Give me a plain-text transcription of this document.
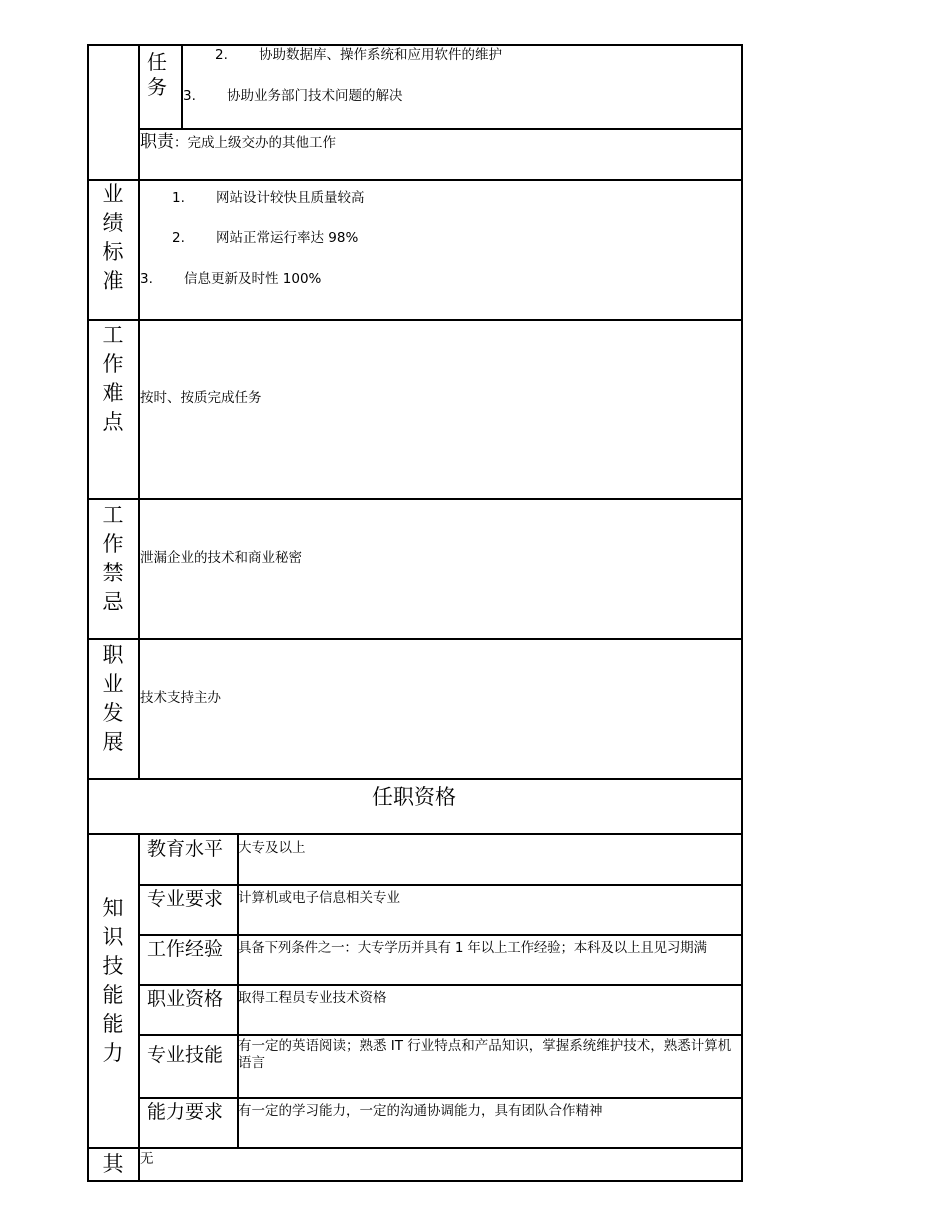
任务
2. 协助数据库、操作系统和应用软件的维护
3. 协助业务部门技术问题的解决
职责：完成上级交办的其他工作
业绩标准
1. 网站设计较快且质量较高
2. 网站正常运行率达 98%
3. 信息更新及时性 100%
工作难点
按时、按质完成任务
工作禁忌
泄漏企业的技术和商业秘密
职业发展
技术支持主办
任职资格
知识技能能力
教育水平 大专及以上
专业要求 计算机或电子信息相关专业
工作经验 具备下列条件之一：大专学历并具有 1 年以上工作经验；本科及以上且见习期满
职业资格 取得工程员专业技术资格
专业技能 有一定的英语阅读；熟悉 IT 行业特点和产品知识，掌握系统维护技术，熟悉计算机语言
能力要求 有一定的学习能力，一定的沟通协调能力，具有团队合作精神
其	无
